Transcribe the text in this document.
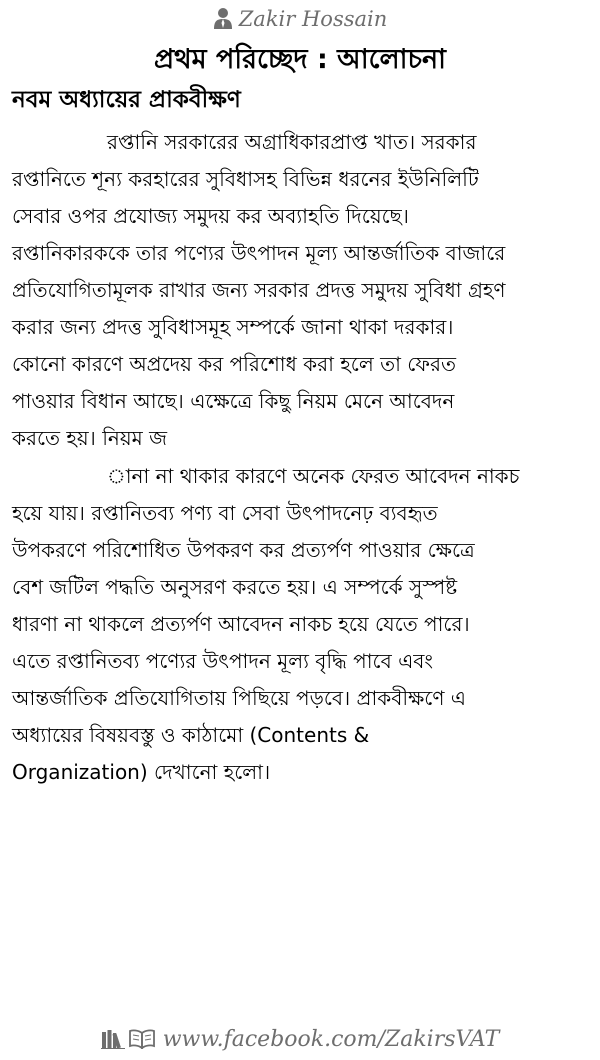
Zakir Hossain
প্রথম পরিচ্ছেদ : আলোচনা
নবম অধ্যায়ের প্রাকবীক্ষণ
রপ্তানি সরকারের অগ্রাধিকারপ্রাপ্ত খাত। সরকার
রপ্তানিতে শূন্য করহারের সুবিধাসহ বিভিন্ন ধরনের ইউনিলিটি
সেবার ওপর প্রযোজ্য সমুদয় কর অব্যাহতি দিয়েছে।
রপ্তানিকারককে তার পণ্যের উৎপাদন মূল্য আন্তর্জাতিক বাজারে
প্রতিযোগিতামূলক রাখার জন্য সরকার প্রদত্ত সমুদয় সুবিধা গ্রহণ
করার জন্য প্রদত্ত সুবিধাসমূহ সম্পর্কে জানা থাকা দরকার।
কোনো কারণে অপ্রদেয় কর পরিশোধ করা হলে তা ফেরত
পাওয়ার বিধান আছে। এক্ষেত্রে কিছু নিয়ম মেনে আবেদন
করতে হয়। নিয়ম জ
ানা না থাকার কারণে অনেক ফেরত আবেদন নাকচ
হয়ে যায়। রপ্তানিতব্য পণ্য বা সেবা উৎপাদনেঢ় ব্যবহৃত
উপকরণে পরিশোধিত উপকরণ কর প্রত্যর্পণ পাওয়ার ক্ষেত্রে
বেশ জটিল পদ্ধতি অনুসরণ করতে হয়। এ সম্পর্কে সুস্পষ্ট
ধারণা না থাকলে প্রত্যর্পণ আবেদন নাকচ হয়ে যেতে পারে।
এতে রপ্তানিতব্য পণ্যের উৎপাদন মূল্য বৃদ্ধি পাবে এবং
আন্তর্জাতিক প্রতিযোগিতায় পিছিয়ে পড়বে। প্রাকবীক্ষণে এ
অধ্যায়ের বিষয়বস্তু ও কাঠামো (Contents &
Organization) দেখানো হলো।
www.facebook.com/ZakirsVAT
